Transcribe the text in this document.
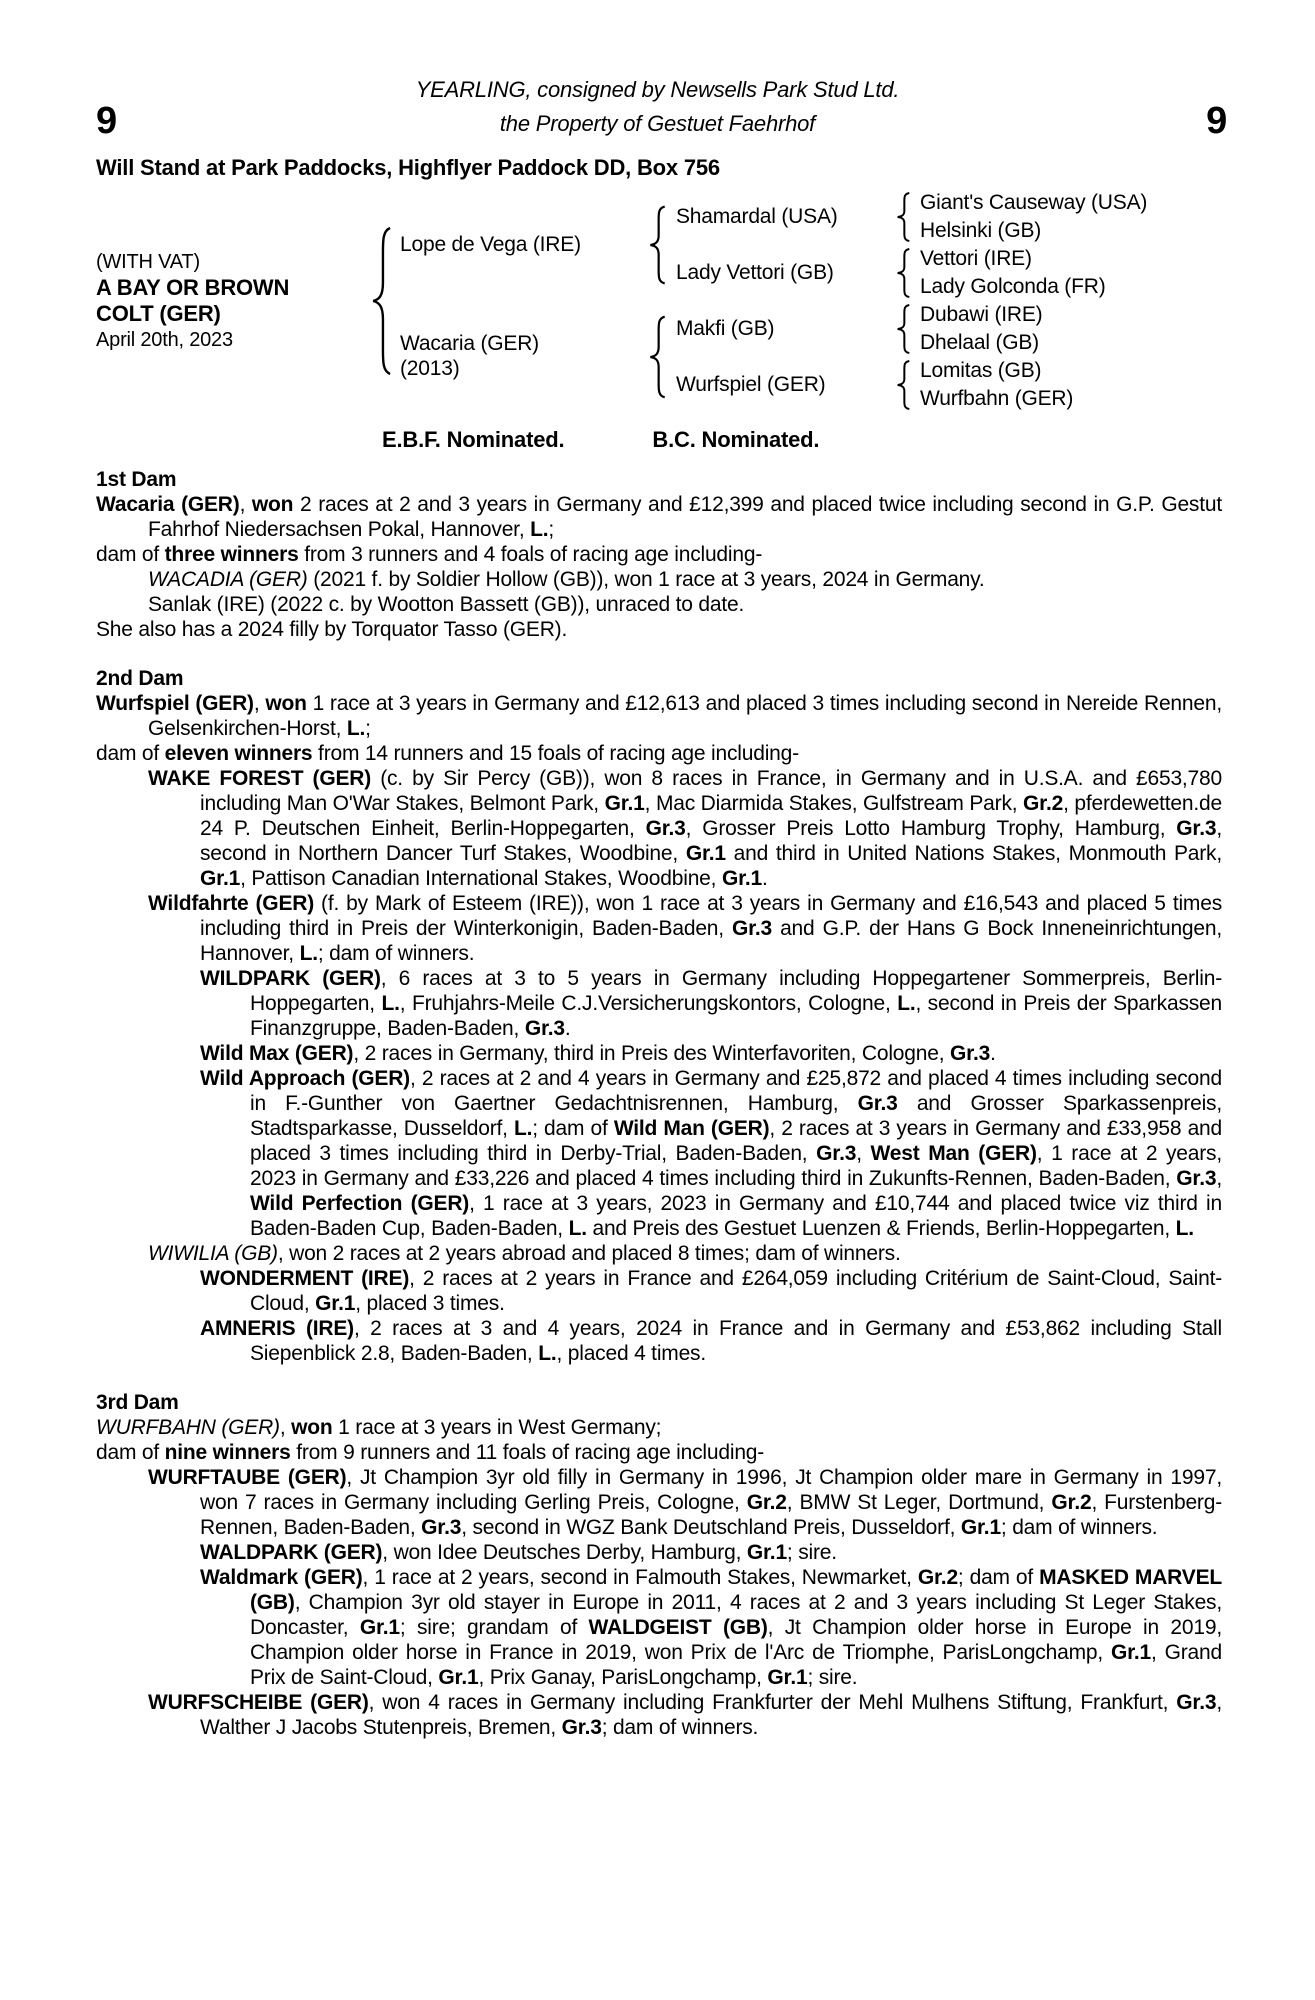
YEARLING, consigned by Newsells Park Stud Ltd.
9	the Property of Gestuet Faehrhof	9
Will Stand at Park Paddocks, Highflyer Paddock DD, Box 756
(WITH VAT)
A BAY OR BROWN
COLT (GER)
April 20th, 2023
Lope de Vega (IRE)
Wacaria (GER)
(2013)
Shamardal (USA)
Lady Vettori (GB)
Makfi (GB)
Wurfspiel (GER)
Giant's Causeway (USA)
Helsinki (GB)
Vettori (IRE)
Lady Golconda (FR)
Dubawi (IRE)
Dhelaal (GB)
Lomitas (GB)
Wurfbahn (GER)
E.B.F. Nominated.	B.C. Nominated.
1st Dam

Wacaria (GER), won 2 races at 2 and 3 years in Germany and £12,399 and placed twice including second in G.P. Gestut Fahrhof Niedersachsen Pokal, Hannover, L.;

dam of three winners from 3 runners and 4 foals of racing age including-

WACADIA (GER) (2021 f. by Soldier Hollow (GB)), won 1 race at 3 years, 2024 in Germany.

Sanlak (IRE) (2022 c. by Wootton Bassett (GB)), unraced to date.

She also has a 2024 filly by Torquator Tasso (GER).

2nd Dam

Wurfspiel (GER), won 1 race at 3 years in Germany and £12,613 and placed 3 times including second in Nereide Rennen, Gelsenkirchen-Horst, L.;

dam of eleven winners from 14 runners and 15 foals of racing age including-

WAKE FOREST (GER) (c. by Sir Percy (GB)), won 8 races in France, in Germany and in U.S.A. and £653,780 including Man O'War Stakes, Belmont Park, Gr.1, Mac Diarmida Stakes, Gulfstream Park, Gr.2, pferdewetten.de 24 P. Deutschen Einheit, Berlin-Hoppegarten, Gr.3, Grosser Preis Lotto Hamburg Trophy, Hamburg, Gr.3, second in Northern Dancer Turf Stakes, Woodbine, Gr.1 and third in United Nations Stakes, Monmouth Park, Gr.1, Pattison Canadian International Stakes, Woodbine, Gr.1.

Wildfahrte (GER) (f. by Mark of Esteem (IRE)), won 1 race at 3 years in Germany and £16,543 and placed 5 times including third in Preis der Winterkonigin, Baden-Baden, Gr.3 and G.P. der Hans G Bock Inneneinrichtungen, Hannover, L.; dam of winners.

WILDPARK (GER), 6 races at 3 to 5 years in Germany including Hoppegartener Sommerpreis, Berlin-Hoppegarten, L., Fruhjahrs-Meile C.J.Versicherungskontors, Cologne, L., second in Preis der Sparkassen Finanzgruppe, Baden-Baden, Gr.3.

Wild Max (GER), 2 races in Germany, third in Preis des Winterfavoriten, Cologne, Gr.3.

Wild Approach (GER), 2 races at 2 and 4 years in Germany and £25,872 and placed 4 times including second in F.-Gunther von Gaertner Gedachtnisrennen, Hamburg, Gr.3 and Grosser Sparkassenpreis, Stadtsparkasse, Dusseldorf, L.; dam of Wild Man (GER), 2 races at 3 years in Germany and £33,958 and placed 3 times including third in Derby-Trial, Baden-Baden, Gr.3, West Man (GER), 1 race at 2 years, 2023 in Germany and £33,226 and placed 4 times including third in Zukunfts-Rennen, Baden-Baden, Gr.3, Wild Perfection (GER), 1 race at 3 years, 2023 in Germany and £10,744 and placed twice viz third in Baden-Baden Cup, Baden-Baden, L. and Preis des Gestuet Luenzen & Friends, Berlin-Hoppegarten, L.

WIWILIA (GB), won 2 races at 2 years abroad and placed 8 times; dam of winners.

WONDERMENT (IRE), 2 races at 2 years in France and £264,059 including Critérium de Saint-Cloud, Saint-Cloud, Gr.1, placed 3 times.

AMNERIS (IRE), 2 races at 3 and 4 years, 2024 in France and in Germany and £53,862 including Stall Siepenblick 2.8, Baden-Baden, L., placed 4 times.

3rd Dam

WURFBAHN (GER), won 1 race at 3 years in West Germany;

dam of nine winners from 9 runners and 11 foals of racing age including-

WURFTAUBE (GER), Jt Champion 3yr old filly in Germany in 1996, Jt Champion older mare in Germany in 1997, won 7 races in Germany including Gerling Preis, Cologne, Gr.2, BMW St Leger, Dortmund, Gr.2, Furstenberg-Rennen, Baden-Baden, Gr.3, second in WGZ Bank Deutschland Preis, Dusseldorf, Gr.1; dam of winners.

WALDPARK (GER), won Idee Deutsches Derby, Hamburg, Gr.1; sire.

Waldmark (GER), 1 race at 2 years, second in Falmouth Stakes, Newmarket, Gr.2; dam of MASKED MARVEL (GB), Champion 3yr old stayer in Europe in 2011, 4 races at 2 and 3 years including St Leger Stakes, Doncaster, Gr.1; sire; grandam of WALDGEIST (GB), Jt Champion older horse in Europe in 2019, Champion older horse in France in 2019, won Prix de l'Arc de Triomphe, ParisLongchamp, Gr.1, Grand Prix de Saint-Cloud, Gr.1, Prix Ganay, ParisLongchamp, Gr.1; sire.

WURFSCHEIBE (GER), won 4 races in Germany including Frankfurter der Mehl Mulhens Stiftung, Frankfurt, Gr.3, Walther J Jacobs Stutenpreis, Bremen, Gr.3; dam of winners.
